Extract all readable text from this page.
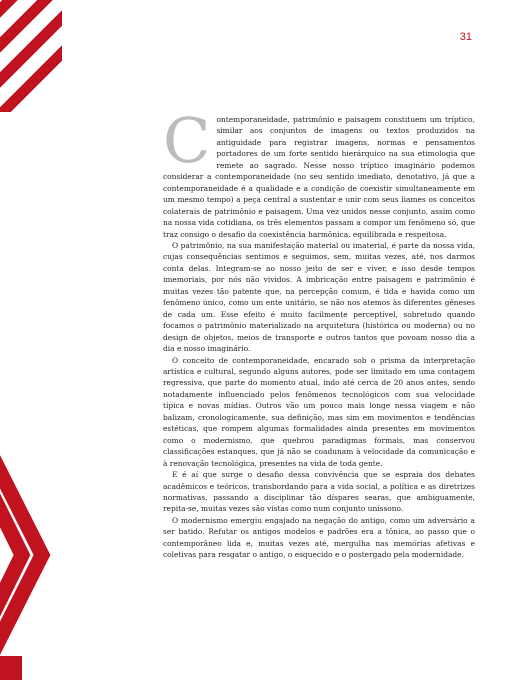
31

Contemporaneidade, patrimônio e paisagem constituem um tríptico, similar aos conjuntos de imagens ou textos produzidos na antiguidade para registrar imagens, normas e pensamentos portadores de um forte sentido hierárquico na sua etimologia que remete ao sagrado. Nesse nosso tríptico imaginário podemos considerar a contemporaneidade (no seu sentido imediato, denotativo, já que a contemporaneidade é a qualidade e a condição de coexistir simultaneamente em um mesmo tempo) a peça central a sustentar e unir com seus liames os conceitos colaterais de patrimônio e paisagem. Uma vez unidos nesse conjunto, assim como na nossa vida cotidiana, os três elementos passam a compor um fenômeno só, que traz consigo o desafio da coexistência harmônica, equilibrada e respeitosa.

O patrimônio, na sua manifestação material ou imaterial, é parte da nossa vida, cujas consequências sentimos e seguimos, sem, muitas vezes, até, nos darmos conta delas. Integram-se ao nosso jeito de ser e viver, e isso desde tempos imemoriais, por nós não vividos. A imbricação entre paisagem e patrimônio é muitas vezes tão patente que, na percepção comum, é tida e havida como um fenômeno único, como um ente unitário, se não nos atemos às diferentes gêneses de cada um. Esse efeito é muito facilmente perceptível, sobretudo quando focamos o patrimônio materializado na arquitetura (histórica ou moderna) ou no design de objetos, meios de transporte e outros tantos que povoam nosso dia a dia e nosso imaginário.

O conceito de contemporaneidade, encarado sob o prisma da interpretação artística e cultural, segundo alguns autores, pode ser limitado em uma contagem regressiva, que parte do momento atual, indo até cerca de 20 anos antes, sendo notadamente influenciado pelos fenômenos tecnológicos com sua velocidade típica e novas mídias. Outros vão um pouco mais longe nessa viagem e não balizam, cronologicamente, sua definição, mas sim em movimentos e tendências estéticas, que rompem algumas formalidades ainda presentes em movimentos como o modernismo, que quebrou paradigmas formais, mas conservou classificações estanques, que já não se coadunam à velocidade da comunicação e à renovação tecnológica, presentes na vida de toda gente.

E é aí que surge o desafio dessa convivência que se espraia dos debates acadêmicos e teóricos, transbordando para a vida social, a política e as diretrizes normativas, passando a disciplinar tão díspares searas, que ambiguamente, repita-se, muitas vezes são vistas como num conjunto uníssono.

O modernismo emergiu engajado na negação do antigo, como um adversário a ser batido. Refutar os antigos modelos e padrões era a tônica, ao passo que o contemporâneo lida e, muitas vezes até, mergulha nas memórias afetivas e coletivas para resgatar o antigo, o esquecido e o postergado pela modernidade.
